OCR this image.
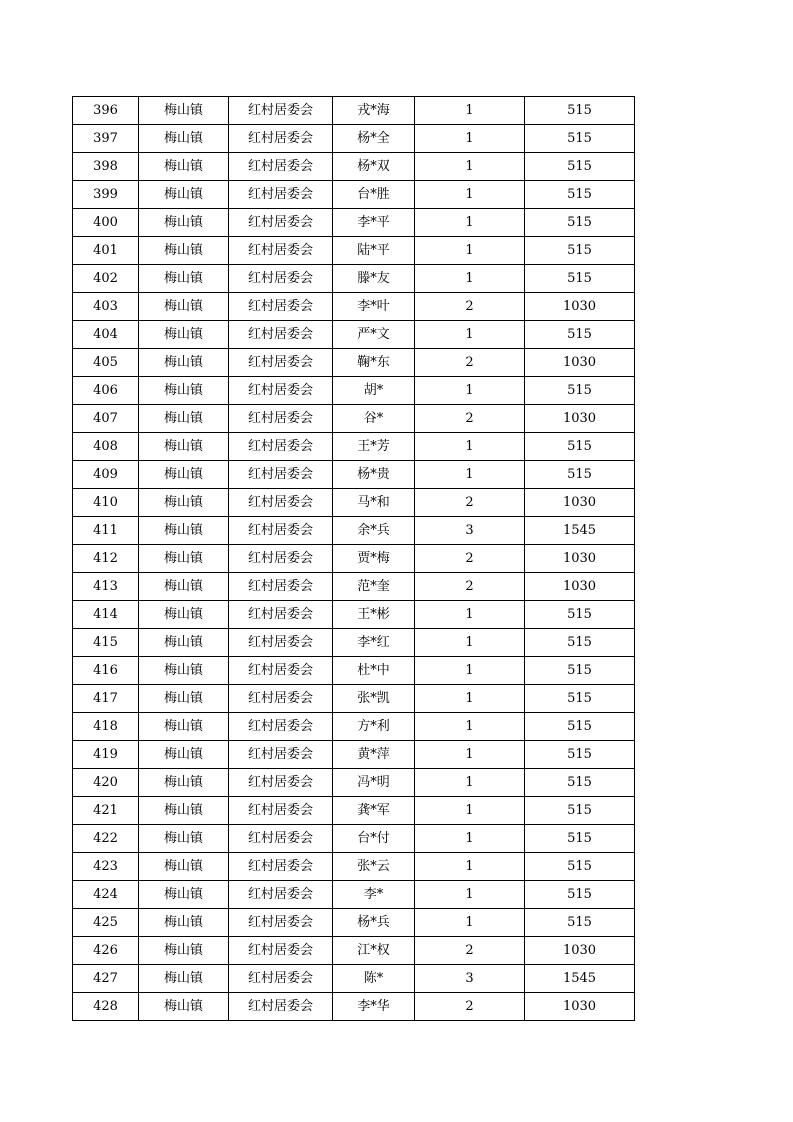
396	梅山镇	红村居委会	戎*海	1	515
397	梅山镇	红村居委会	杨*全	1	515
398	梅山镇	红村居委会	杨*双	1	515
399	梅山镇	红村居委会	台*胜	1	515
400	梅山镇	红村居委会	李*平	1	515
401	梅山镇	红村居委会	陆*平	1	515
402	梅山镇	红村居委会	滕*友	1	515
403	梅山镇	红村居委会	李*叶	2	1030
404	梅山镇	红村居委会	严*文	1	515
405	梅山镇	红村居委会	鞠*东	2	1030
406	梅山镇	红村居委会	胡*	1	515
407	梅山镇	红村居委会	谷*	2	1030
408	梅山镇	红村居委会	王*芳	1	515
409	梅山镇	红村居委会	杨*贵	1	515
410	梅山镇	红村居委会	马*和	2	1030
411	梅山镇	红村居委会	余*兵	3	1545
412	梅山镇	红村居委会	贾*梅	2	1030
413	梅山镇	红村居委会	范*奎	2	1030
414	梅山镇	红村居委会	王*彬	1	515
415	梅山镇	红村居委会	李*红	1	515
416	梅山镇	红村居委会	杜*中	1	515
417	梅山镇	红村居委会	张*凯	1	515
418	梅山镇	红村居委会	方*利	1	515
419	梅山镇	红村居委会	黄*萍	1	515
420	梅山镇	红村居委会	冯*明	1	515
421	梅山镇	红村居委会	龚*军	1	515
422	梅山镇	红村居委会	台*付	1	515
423	梅山镇	红村居委会	张*云	1	515
424	梅山镇	红村居委会	李*	1	515
425	梅山镇	红村居委会	杨*兵	1	515
426	梅山镇	红村居委会	江*权	2	1030
427	梅山镇	红村居委会	陈*	3	1545
428	梅山镇	红村居委会	李*华	2	1030
